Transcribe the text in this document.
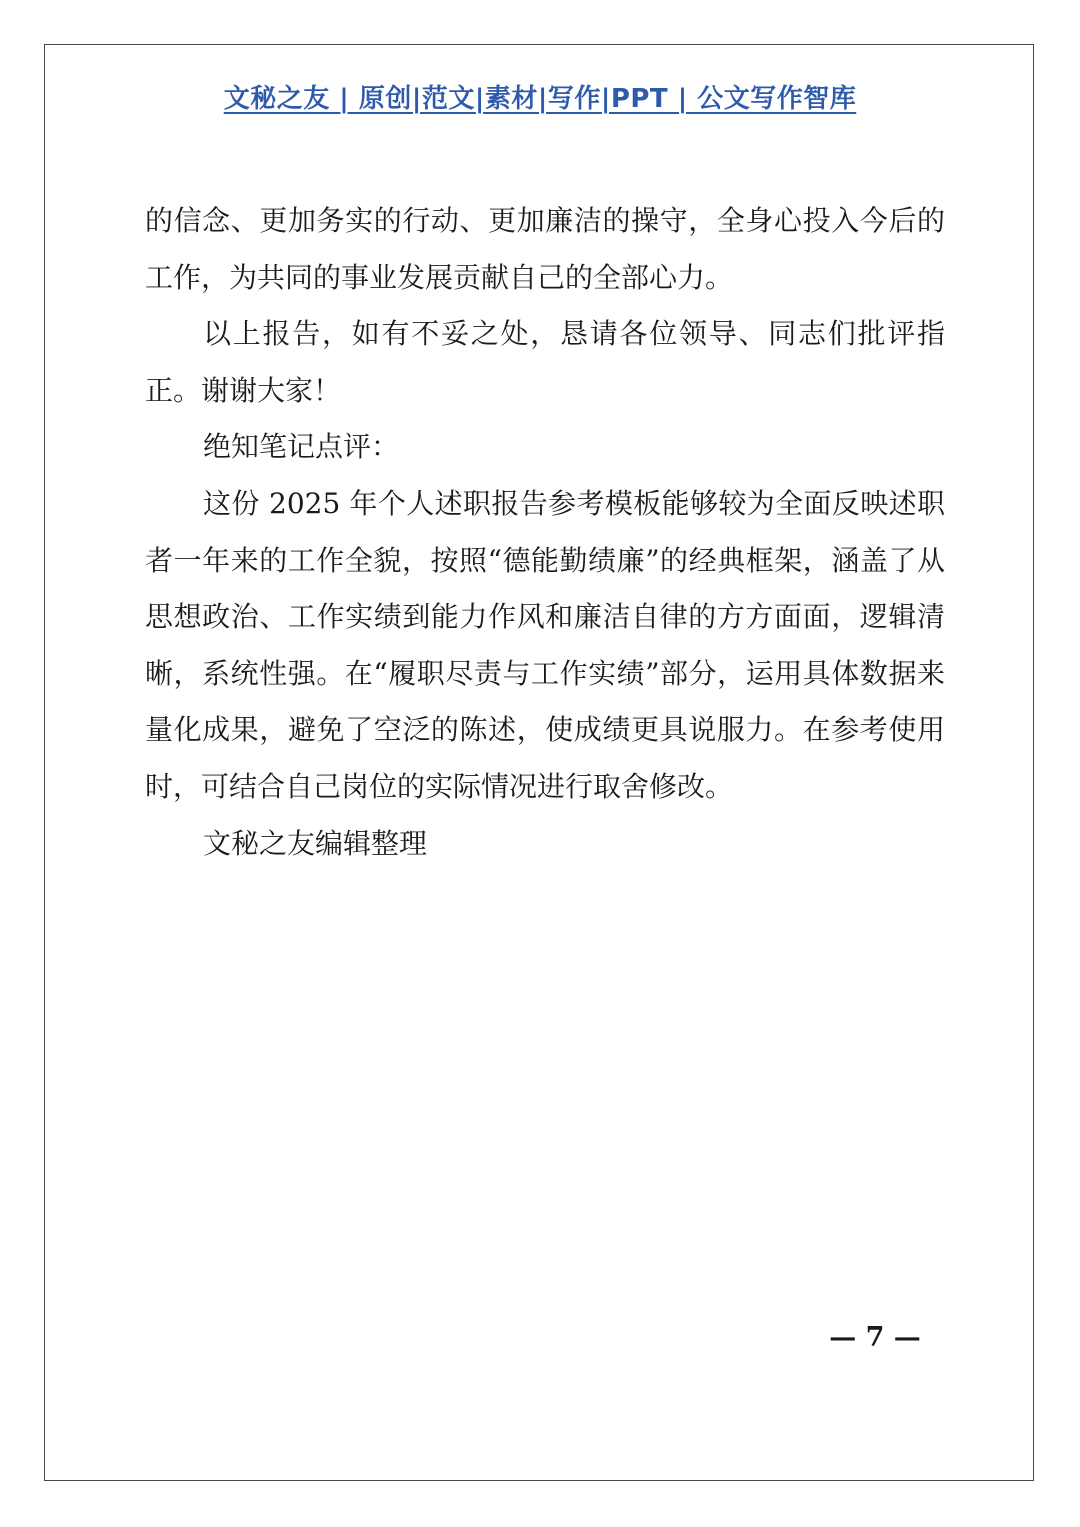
文秘之友 | 原创|范文|素材|写作|PPT | 公文写作智库

的信念、更加务实的行动、更加廉洁的操守，全身心投入今后的工作，为共同的事业发展贡献自己的全部心力。

以上报告，如有不妥之处，恳请各位领导、同志们批评指正。谢谢大家！

绝知笔记点评：

这份 2025 年个人述职报告参考模板能够较为全面反映述职者一年来的工作全貌，按照“德能勤绩廉”的经典框架，涵盖了从思想政治、工作实绩到能力作风和廉洁自律的方方面面，逻辑清晰，系统性强。在“履职尽责与工作实绩”部分，运用具体数据来量化成果，避免了空泛的陈述，使成绩更具说服力。在参考使用时，可结合自己岗位的实际情况进行取舍修改。

文秘之友编辑整理

— 7 —
